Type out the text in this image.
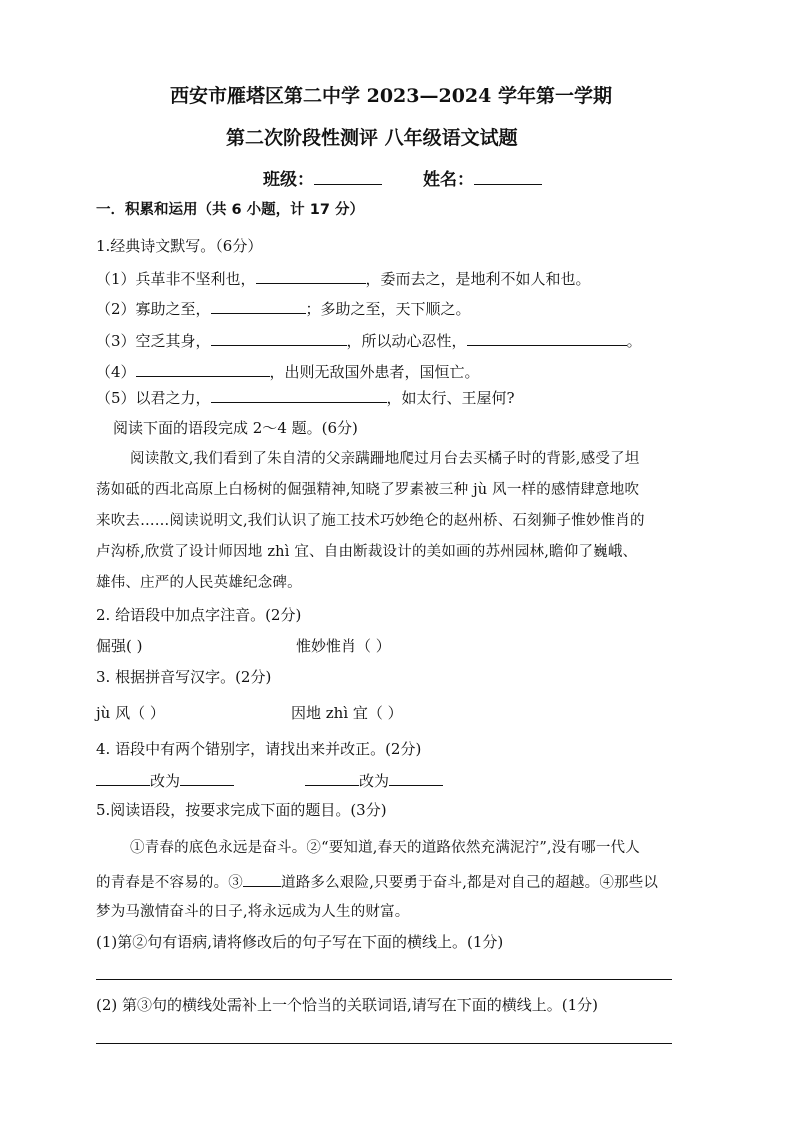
西安市雁塔区第二中学 2023—2024 学年第一学期
第二次阶段性测评 八年级语文试题
班级：	姓名：
一．积累和运用（共 6 小题，计 17 分）
1.经典诗文默写。（6分）
（1）兵革非不坚利也，	，委而去之，是地利不如人和也。
（2）寡助之至，	；多助之至，天下顺之。
（3）空乏其身，	，所以动心忍性，	。
（4）	，出则无敌国外患者，国恒亡。
（5）以君之力，	，如太行、王屋何?
阅读下面的语段完成 2～4 题。(6分)
阅读散文,我们看到了朱自清的父亲蹒跚地爬过月台去买橘子时的背影,感受了坦
荡如砥的西北高原上白杨树的倔强精神,知晓了罗素被三种 jù 风一样的感情肆意地吹
来吹去……阅读说明文,我们认识了施工技术巧妙绝仑的赵州桥、石刻狮子惟妙惟肖的
卢沟桥,欣赏了设计师因地 zhì 宜、自由断裁设计的美如画的苏州园林,瞻仰了巍峨、
雄伟、庄严的人民英雄纪念碑。
2. 给语段中加点字注音。(2分)
倔强( )	惟妙惟肖（ ）
3. 根据拼音写汉字。(2分)
jù 风（ ）	因地 zhì 宜（ ）
4. 语段中有两个错别字，请找出来并改正。(2分)
改为	改为
5.阅读语段，按要求完成下面的题目。(3分)
①青春的底色永远是奋斗。②“要知道,春天的道路依然充满泥泞”,没有哪一代人
的青春是不容易的。③	道路多么艰险,只要勇于奋斗,都是对自己的超越。④那些以
梦为马激情奋斗的日子,将永远成为人生的财富。
(1)第②句有语病,请将修改后的句子写在下面的横线上。(1分)
(2) 第③句的横线处需补上一个恰当的关联词语,请写在下面的横线上。(1分)
